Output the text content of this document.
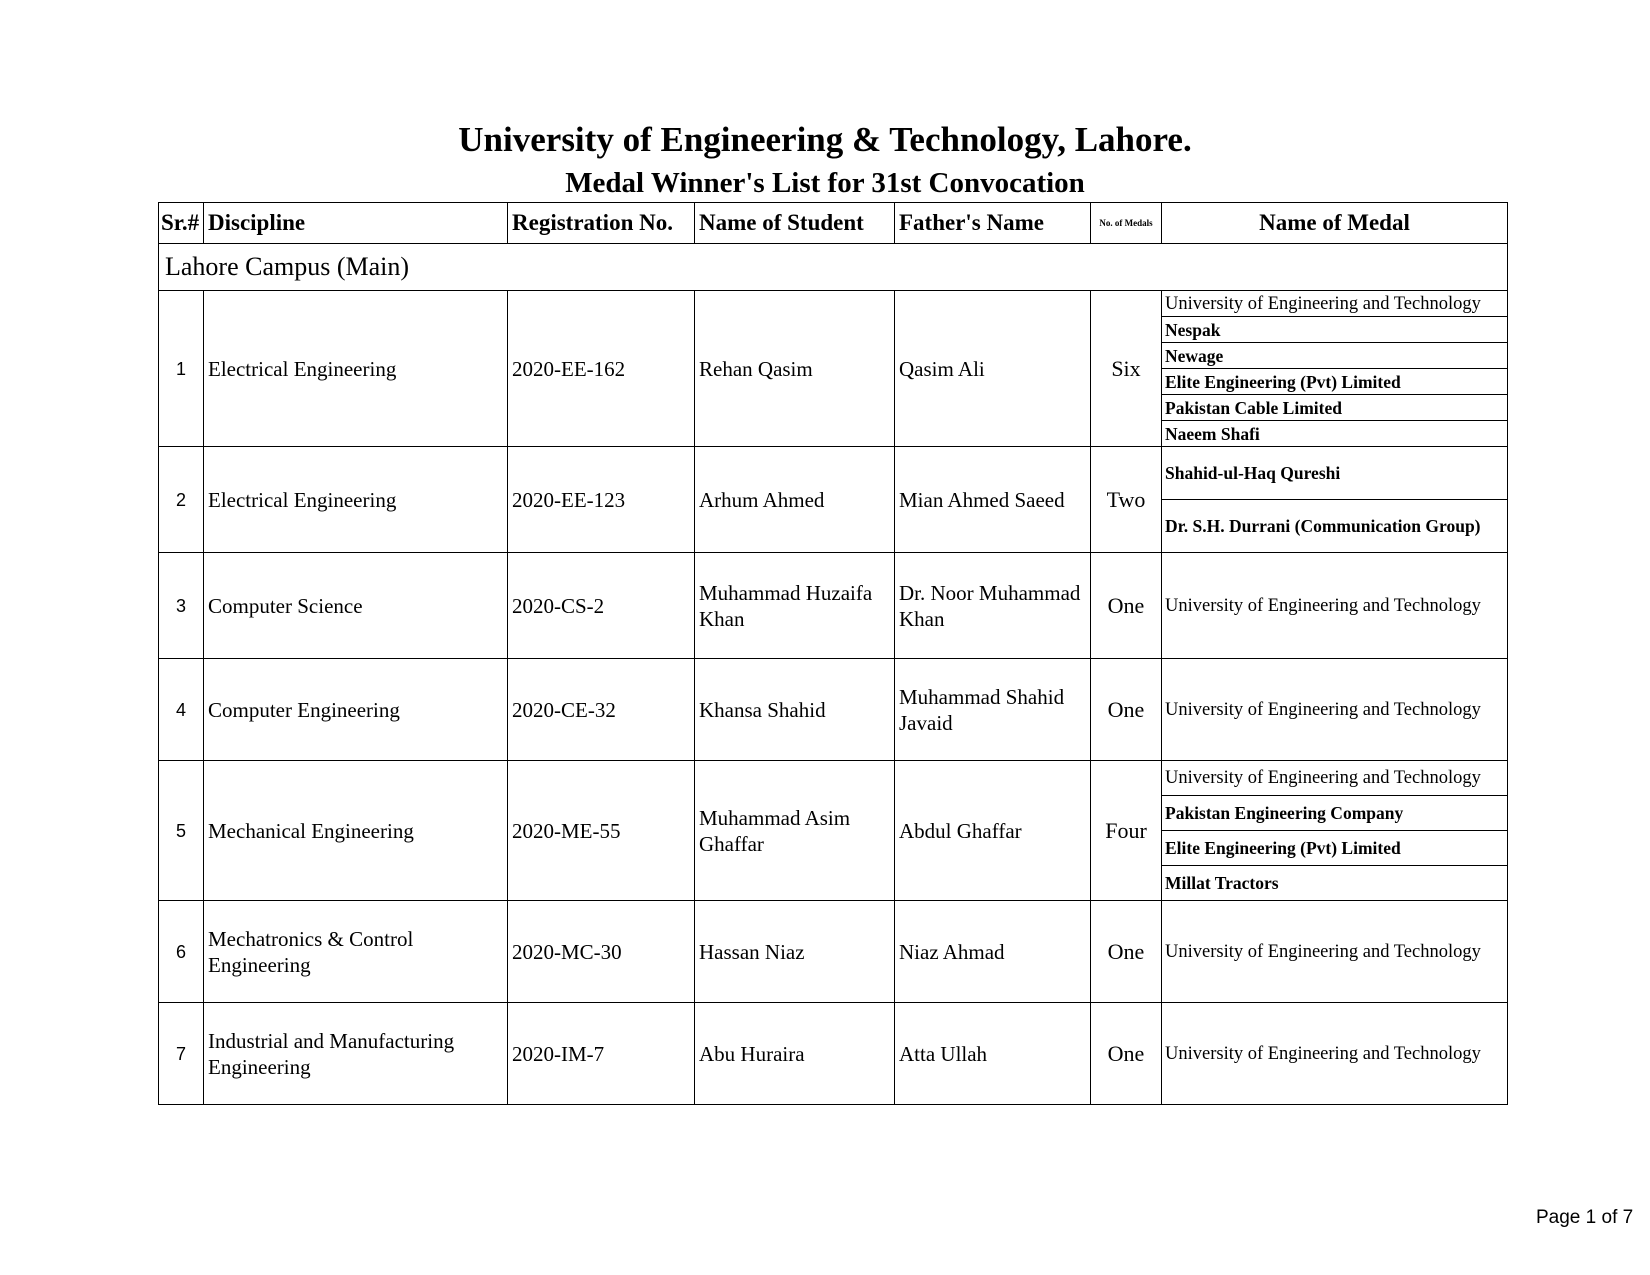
University of Engineering & Technology, Lahore.
Medal Winner's List for 31st Convocation
Sr.#	Discipline	Registration No.	Name of Student	Father's Name	No. of Medals	Name of Medal
Lahore Campus (Main)						
1	Electrical Engineering	2020-EE-162	Rehan Qasim	Qasim Ali	Six	University of Engineering and Technology
						Nespak
						Newage
						Elite Engineering (Pvt) Limited
						Pakistan Cable Limited
						Naeem Shafi
2	Electrical Engineering	2020-EE-123	Arhum Ahmed	Mian Ahmed Saeed	Two	Shahid-ul-Haq Qureshi
						Dr. S.H. Durrani (Communication Group)
3	Computer Science	2020-CS-2	Muhammad Huzaifa Khan	Dr. Noor Muhammad Khan	One	University of Engineering and Technology
4	Computer Engineering	2020-CE-32	Khansa Shahid	Muhammad Shahid Javaid	One	University of Engineering and Technology
5	Mechanical Engineering	2020-ME-55	Muhammad Asim Ghaffar	Abdul Ghaffar	Four	University of Engineering and Technology
						Pakistan Engineering Company
						Elite Engineering (Pvt) Limited
						Millat Tractors
6	Mechatronics & Control Engineering	2020-MC-30	Hassan Niaz	Niaz Ahmad	One	University of Engineering and Technology
7	Industrial and Manufacturing Engineering	2020-IM-7	Abu Huraira	Atta Ullah	One	University of Engineering and Technology
Page 1 of 7
